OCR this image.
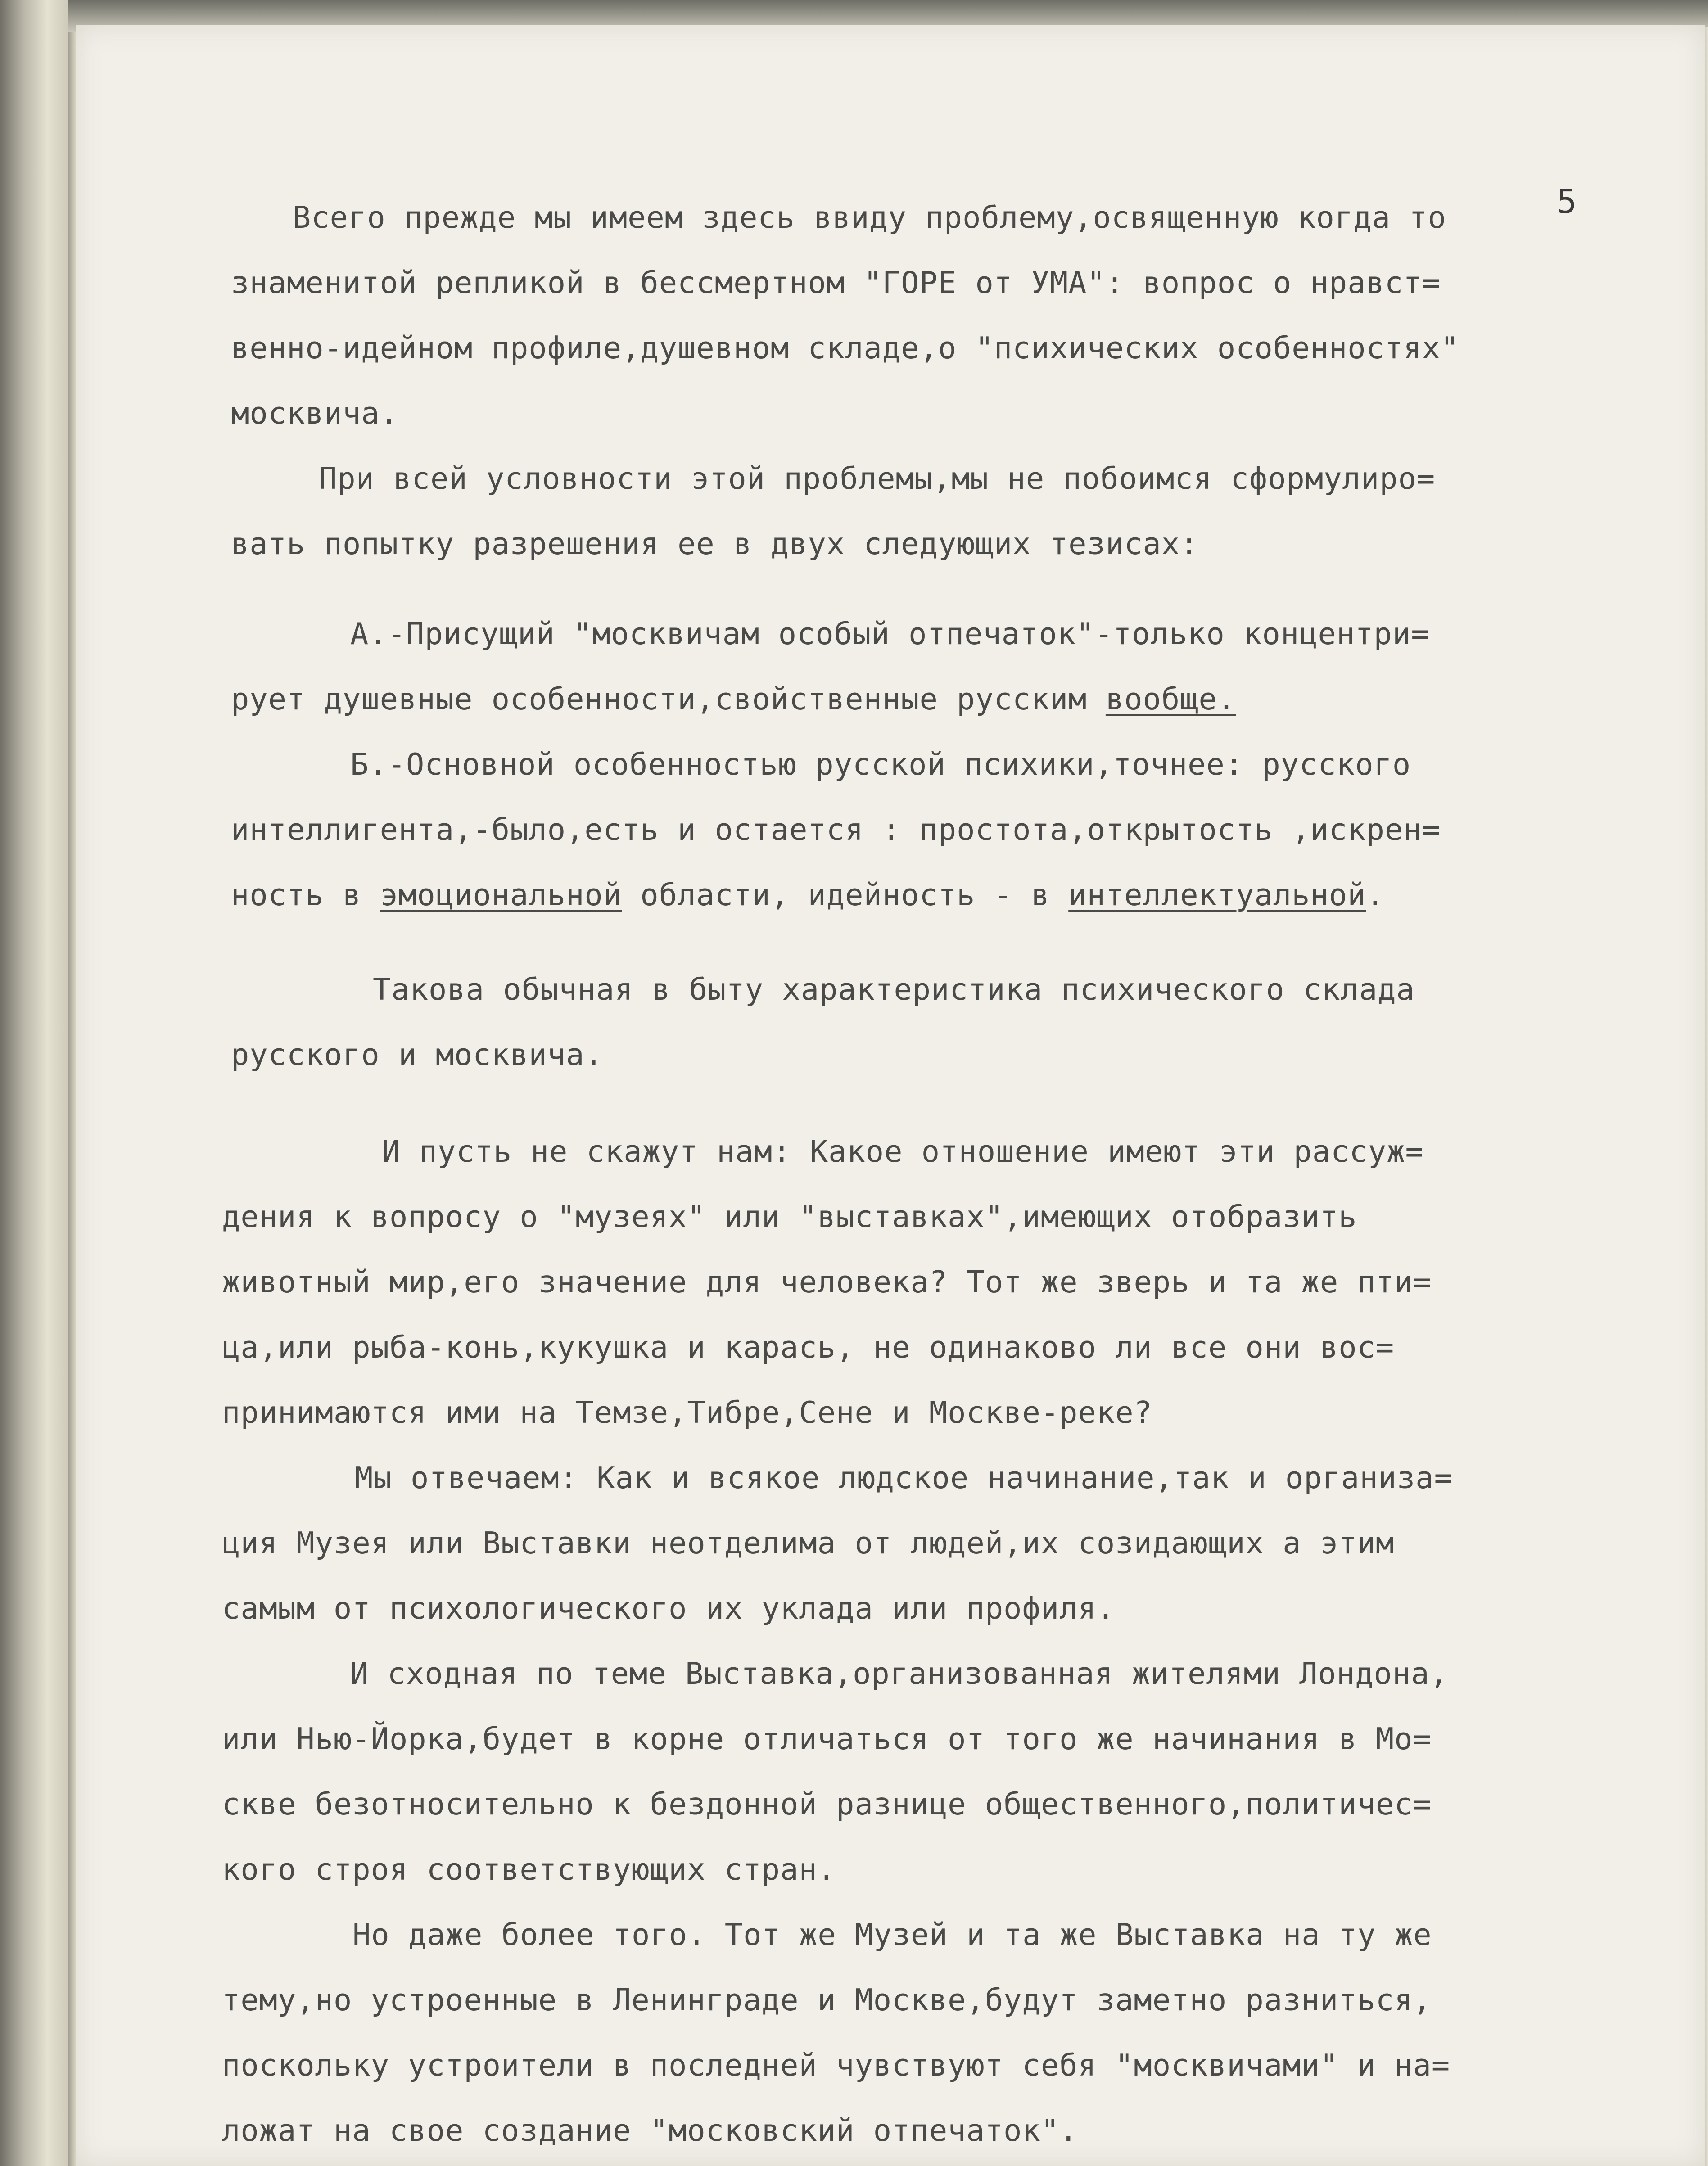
5
Всего прежде мы имеем здесь ввиду проблему,освященную когда то
знаменитой репликой в бессмертном "ГОРЕ от УМА": вопрос о нравст=
венно-идейном профиле,душевном складе,о "психических особенностях"
москвича.
При всей условности этой проблемы,мы не побоимся сформулиро=
вать попытку разрешения ее в двух следующих тезисах:
А.-Присущий "москвичам особый отпечаток"-только концентри=
рует душевные особенности,свойственные русским вообще.
Б.-Основной особенностью русской психики,точнее: русского
интеллигента,-было,есть и остается : простота,открытость ,искрен=
ность в эмоциональной области, идейность - в интеллектуальной.
Такова обычная в быту характеристика психического склада
русского и москвича.
И пусть не скажут нам: Какое отношение имеют эти рассуж=
дения к вопросу о "музеях" или "выставках",имеющих отобразить
животный мир,его значение для человека? Тот же зверь и та же пти=
ца,или рыба-конь,кукушка и карась, не одинаково ли все они вос=
принимаются ими на Темзе,Тибре,Сене и Москве-реке?
Мы отвечаем: Как и всякое людское начинание,так и организа=
ция Музея или Выставки неотделима от людей,их созидающих а этим
самым от психологического их уклада или профиля.
И сходная по теме Выставка,организованная жителями Лондона,
или Нью-Йорка,будет в корне отличаться от того же начинания в Мо=
скве безотносительно к бездонной разнице общественного,политичес=
кого строя соответствующих стран.
Но даже более того. Тот же Музей и та же Выставка на ту же
тему,но устроенные в Ленинграде и Москве,будут заметно разниться,
поскольку устроители в последней чувствуют себя "москвичами" и на=
ложат на свое создание "московский отпечаток".
